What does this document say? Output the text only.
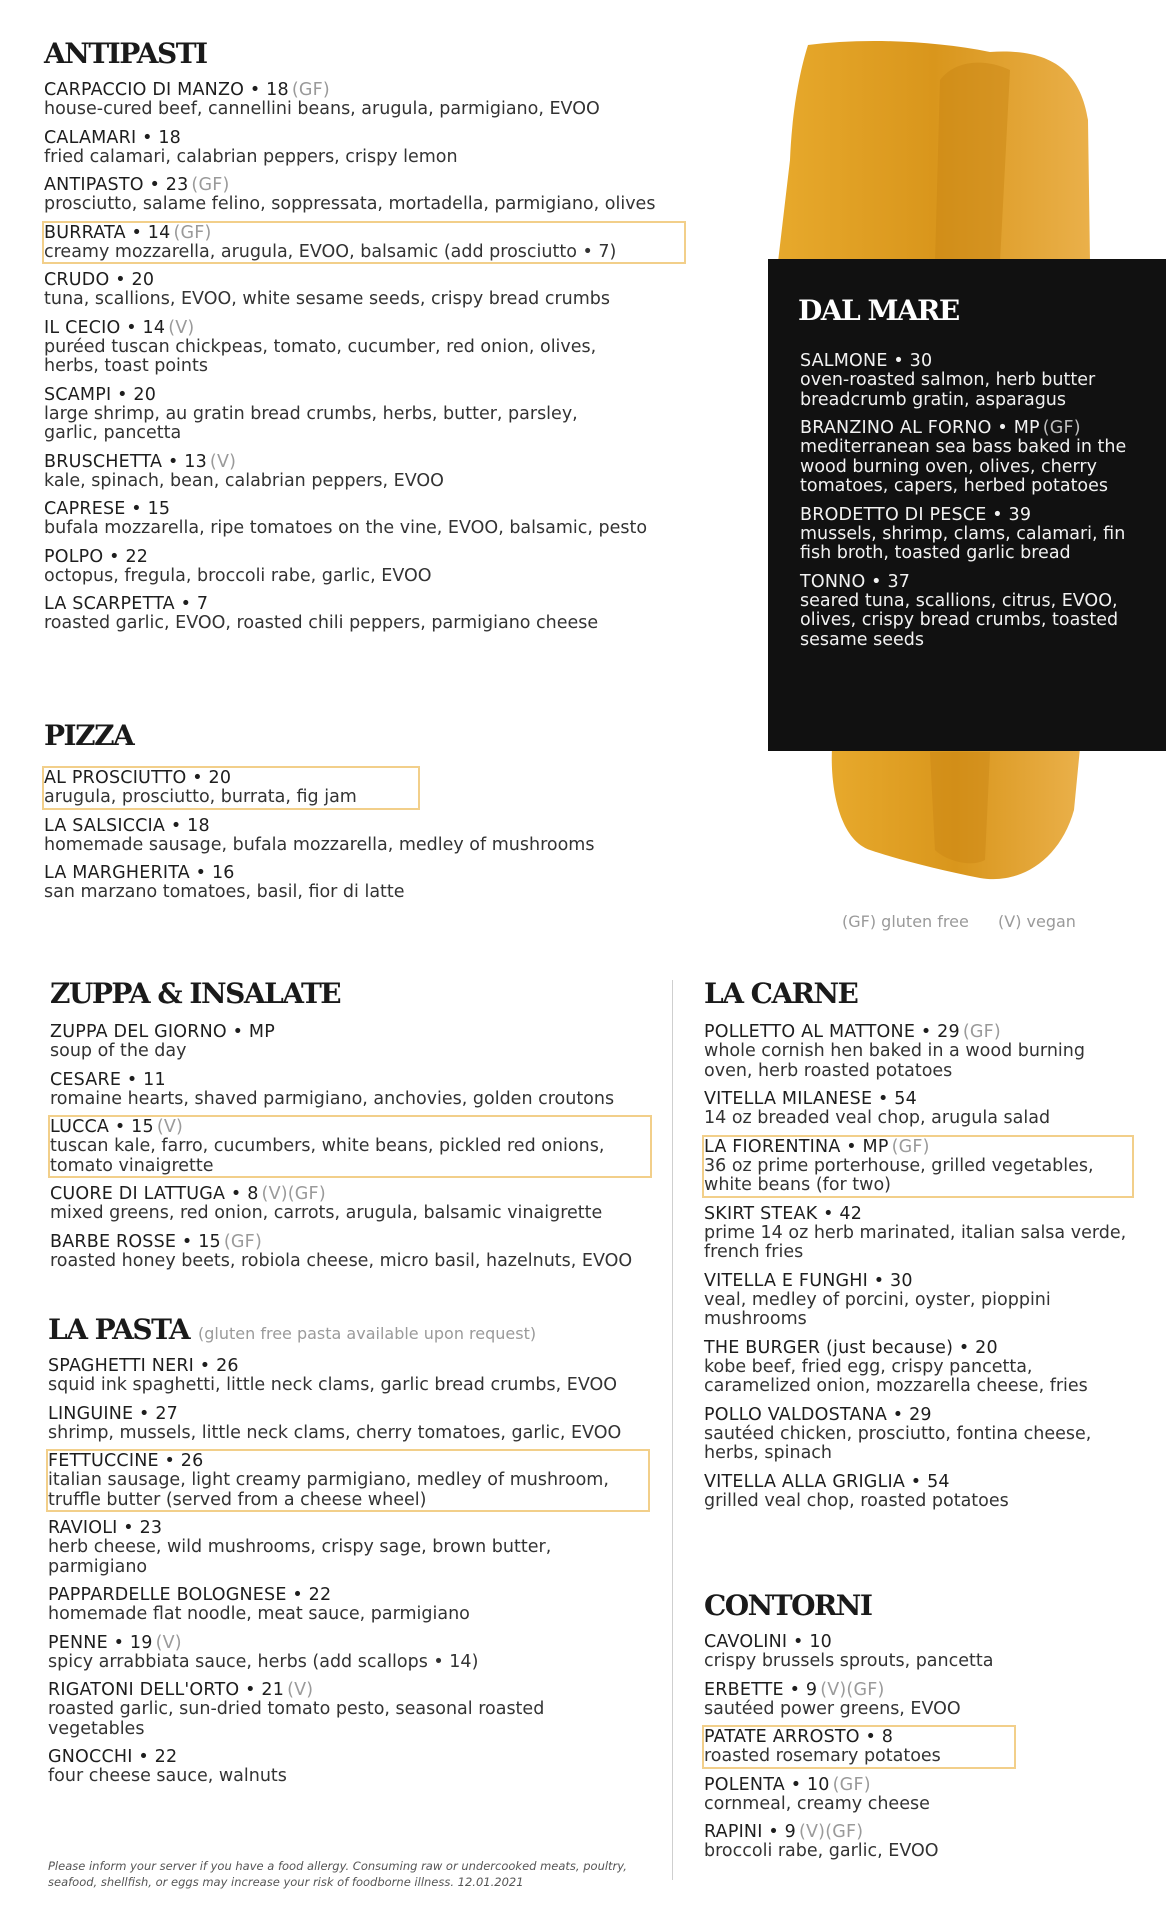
ANTIPASTI
CARPACCIO DI MANZO • 18 (GF)
house-cured beef, cannellini beans, arugula, parmigiano, EVOO
CALAMARI • 18
fried calamari, calabrian peppers, crispy lemon
ANTIPASTO • 23 (GF)
prosciutto, salame felino, soppressata, mortadella, parmigiano, olives
BURRATA • 14 (GF)
creamy mozzarella, arugula, EVOO, balsamic (add prosciutto • 7)
CRUDO • 20
tuna, scallions, EVOO, white sesame seeds, crispy bread crumbs
IL CECIO • 14 (V)
puréed tuscan chickpeas, tomato, cucumber, red onion, olives, herbs, toast points
SCAMPI • 20
large shrimp, au gratin bread crumbs, herbs, butter, parsley, garlic, pancetta
BRUSCHETTA • 13 (V)
kale, spinach, bean, calabrian peppers, EVOO
CAPRESE • 15
bufala mozzarella, ripe tomatoes on the vine, EVOO, balsamic, pesto
POLPO • 22
octopus, fregula, broccoli rabe, garlic, EVOO
LA SCARPETTA • 7
roasted garlic, EVOO, roasted chili peppers, parmigiano cheese
PIZZA
AL PROSCIUTTO • 20
arugula, prosciutto, burrata, fig jam
LA SALSICCIA • 18
homemade sausage, bufala mozzarella, medley of mushrooms
LA MARGHERITA • 16
san marzano tomatoes, basil, fior di latte
DAL MARE
SALMONE • 30
oven-roasted salmon, herb butter breadcrumb gratin, asparagus
BRANZINO AL FORNO • MP (GF)
mediterranean sea bass baked in the wood burning oven, olives, cherry tomatoes, capers, herbed potatoes
BRODETTO DI PESCE • 39
mussels, shrimp, clams, calamari, fin fish broth, toasted garlic bread
TONNO • 37
seared tuna, scallions, citrus, EVOO, olives, crispy bread crumbs, toasted sesame seeds
(GF) gluten free (V) vegan
ZUPPA & INSALATE
ZUPPA DEL GIORNO • MP
soup of the day
CESARE • 11
romaine hearts, shaved parmigiano, anchovies, golden croutons
LUCCA • 15 (V)
tuscan kale, farro, cucumbers, white beans, pickled red onions, tomato vinaigrette
CUORE DI LATTUGA • 8 (V)(GF)
mixed greens, red onion, carrots, arugula, balsamic vinaigrette
BARBE ROSSE • 15 (GF)
roasted honey beets, robiola cheese, micro basil, hazelnuts, EVOO
LA PASTA (gluten free pasta available upon request)
SPAGHETTI NERI • 26
squid ink spaghetti, little neck clams, garlic bread crumbs, EVOO
LINGUINE • 27
shrimp, mussels, little neck clams, cherry tomatoes, garlic, EVOO
FETTUCCINE • 26
italian sausage, light creamy parmigiano, medley of mushroom, truffle butter (served from a cheese wheel)
RAVIOLI • 23
herb cheese, wild mushrooms, crispy sage, brown butter, parmigiano
PAPPARDELLE BOLOGNESE • 22
homemade flat noodle, meat sauce, parmigiano
PENNE • 19 (V)
spicy arrabbiata sauce, herbs (add scallops • 14)
RIGATONI DELL'ORTO • 21 (V)
roasted garlic, sun-dried tomato pesto, seasonal roasted vegetables
GNOCCHI • 22
four cheese sauce, walnuts
LA CARNE
POLLETTO AL MATTONE • 29 (GF)
whole cornish hen baked in a wood burning oven, herb roasted potatoes
VITELLA MILANESE • 54
14 oz breaded veal chop, arugula salad
LA FIORENTINA • MP (GF)
36 oz prime porterhouse, grilled vegetables, white beans (for two)
SKIRT STEAK • 42
prime 14 oz herb marinated, italian salsa verde, french fries
VITELLA E FUNGHI • 30
veal, medley of porcini, oyster, pioppini mushrooms
THE BURGER (just because) • 20
kobe beef, fried egg, crispy pancetta, caramelized onion, mozzarella cheese, fries
POLLO VALDOSTANA • 29
sautéed chicken, prosciutto, fontina cheese, herbs, spinach
VITELLA ALLA GRIGLIA • 54
grilled veal chop, roasted potatoes
CONTORNI
CAVOLINI • 10
crispy brussels sprouts, pancetta
ERBETTE • 9 (V)(GF)
sautéed power greens, EVOO
PATATE ARROSTO • 8
roasted rosemary potatoes
POLENTA • 10 (GF)
cornmeal, creamy cheese
RAPINI • 9 (V)(GF)
broccoli rabe, garlic, EVOO
Please inform your server if you have a food allergy. Consuming raw or undercooked meats, poultry, seafood, shellfish, or eggs may increase your risk of foodborne illness. 12.01.2021
